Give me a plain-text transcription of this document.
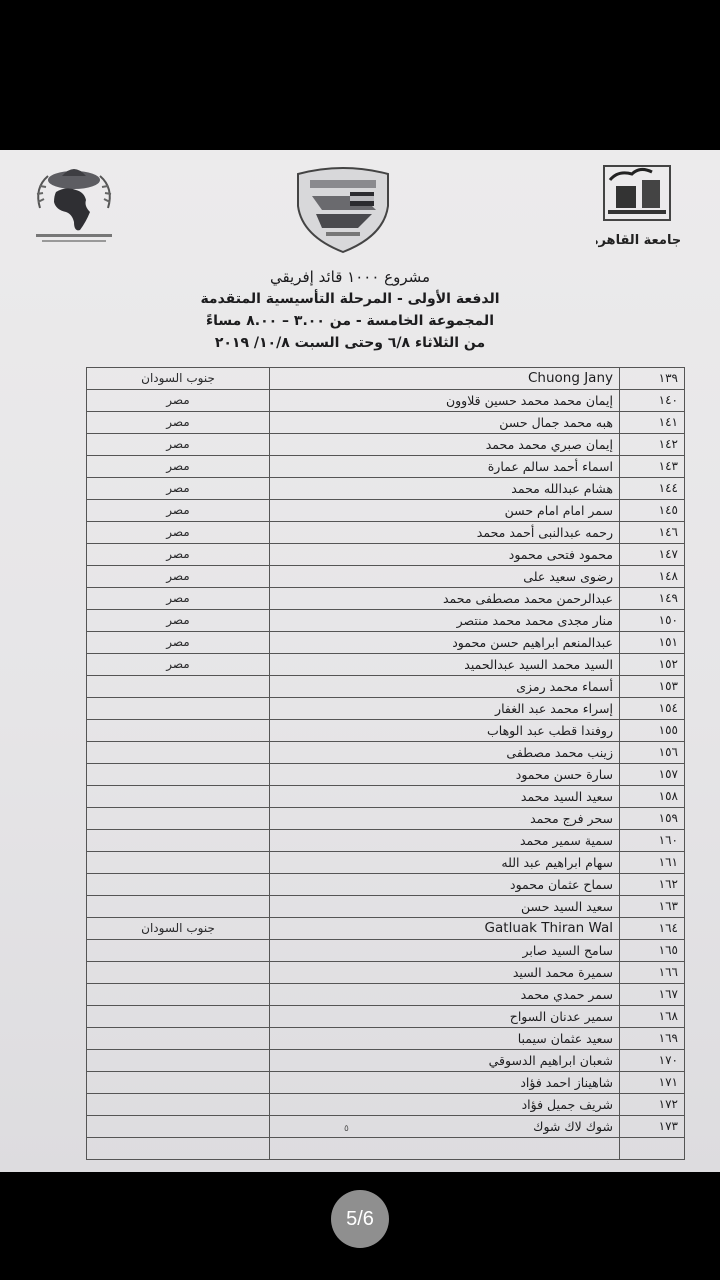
جامعة القاهرة
مشروع ١٠٠٠ قائد إفريقي
الدفعة الأولى - المرحلة التأسيسية المتقدمة
المجموعة الخامسة - من ٣.٠٠ – ٨.٠٠ مساءً
من الثلاثاء ٦/٨ وحتى السبت ١٠/٨/ ٢٠١٩
جنوب السودان	Chuong Jany	١٣٩
مصر	إيمان محمد محمد حسين قلاوون	١٤٠
مصر	هبه محمد جمال حسن	١٤١
مصر	إيمان صبري محمد محمد	١٤٢
مصر	اسماء أحمد سالم عمارة	١٤٣
مصر	هشام عبدالله محمد	١٤٤
مصر	سمر امام امام حسن	١٤٥
مصر	رحمه عبدالنبى أحمد محمد	١٤٦
مصر	محمود فتحى محمود	١٤٧
مصر	رضوى سعيد على	١٤٨
مصر	عبدالرحمن محمد مصطفى محمد	١٤٩
مصر	منار مجدى محمد محمد منتصر	١٥٠
مصر	عبدالمنعم ابراهيم حسن محمود	١٥١
مصر	السيد محمد السيد عبدالحميد	١٥٢
أسماء محمد رمزى	١٥٣
إسراء محمد عبد الغفار	١٥٤
روفندا قطب عبد الوهاب	١٥٥
زينب محمد مصطفى	١٥٦
سارة حسن محمود	١٥٧
سعيد السيد محمد	١٥٨
سحر فرج محمد	١٥٩
سمية سمير محمد	١٦٠
سهام ابراهيم عبد الله	١٦١
سماح عثمان محمود	١٦٢
سعيد السيد حسن	١٦٣
جنوب السودان	Gatluak Thiran Wal	١٦٤
سامح السيد صابر	١٦٥
سميرة محمد السيد	١٦٦
سمر حمدي محمد	١٦٧
سمير عدنان السواح	١٦٨
سعيد عثمان سيمبا	١٦٩
شعبان ابراهيم الدسوقي	١٧٠
شاهيناز احمد فؤاد	١٧١
شريف جميل فؤاد	١٧٢
شوك لاك شوك	١٧٣
٥
5/6
